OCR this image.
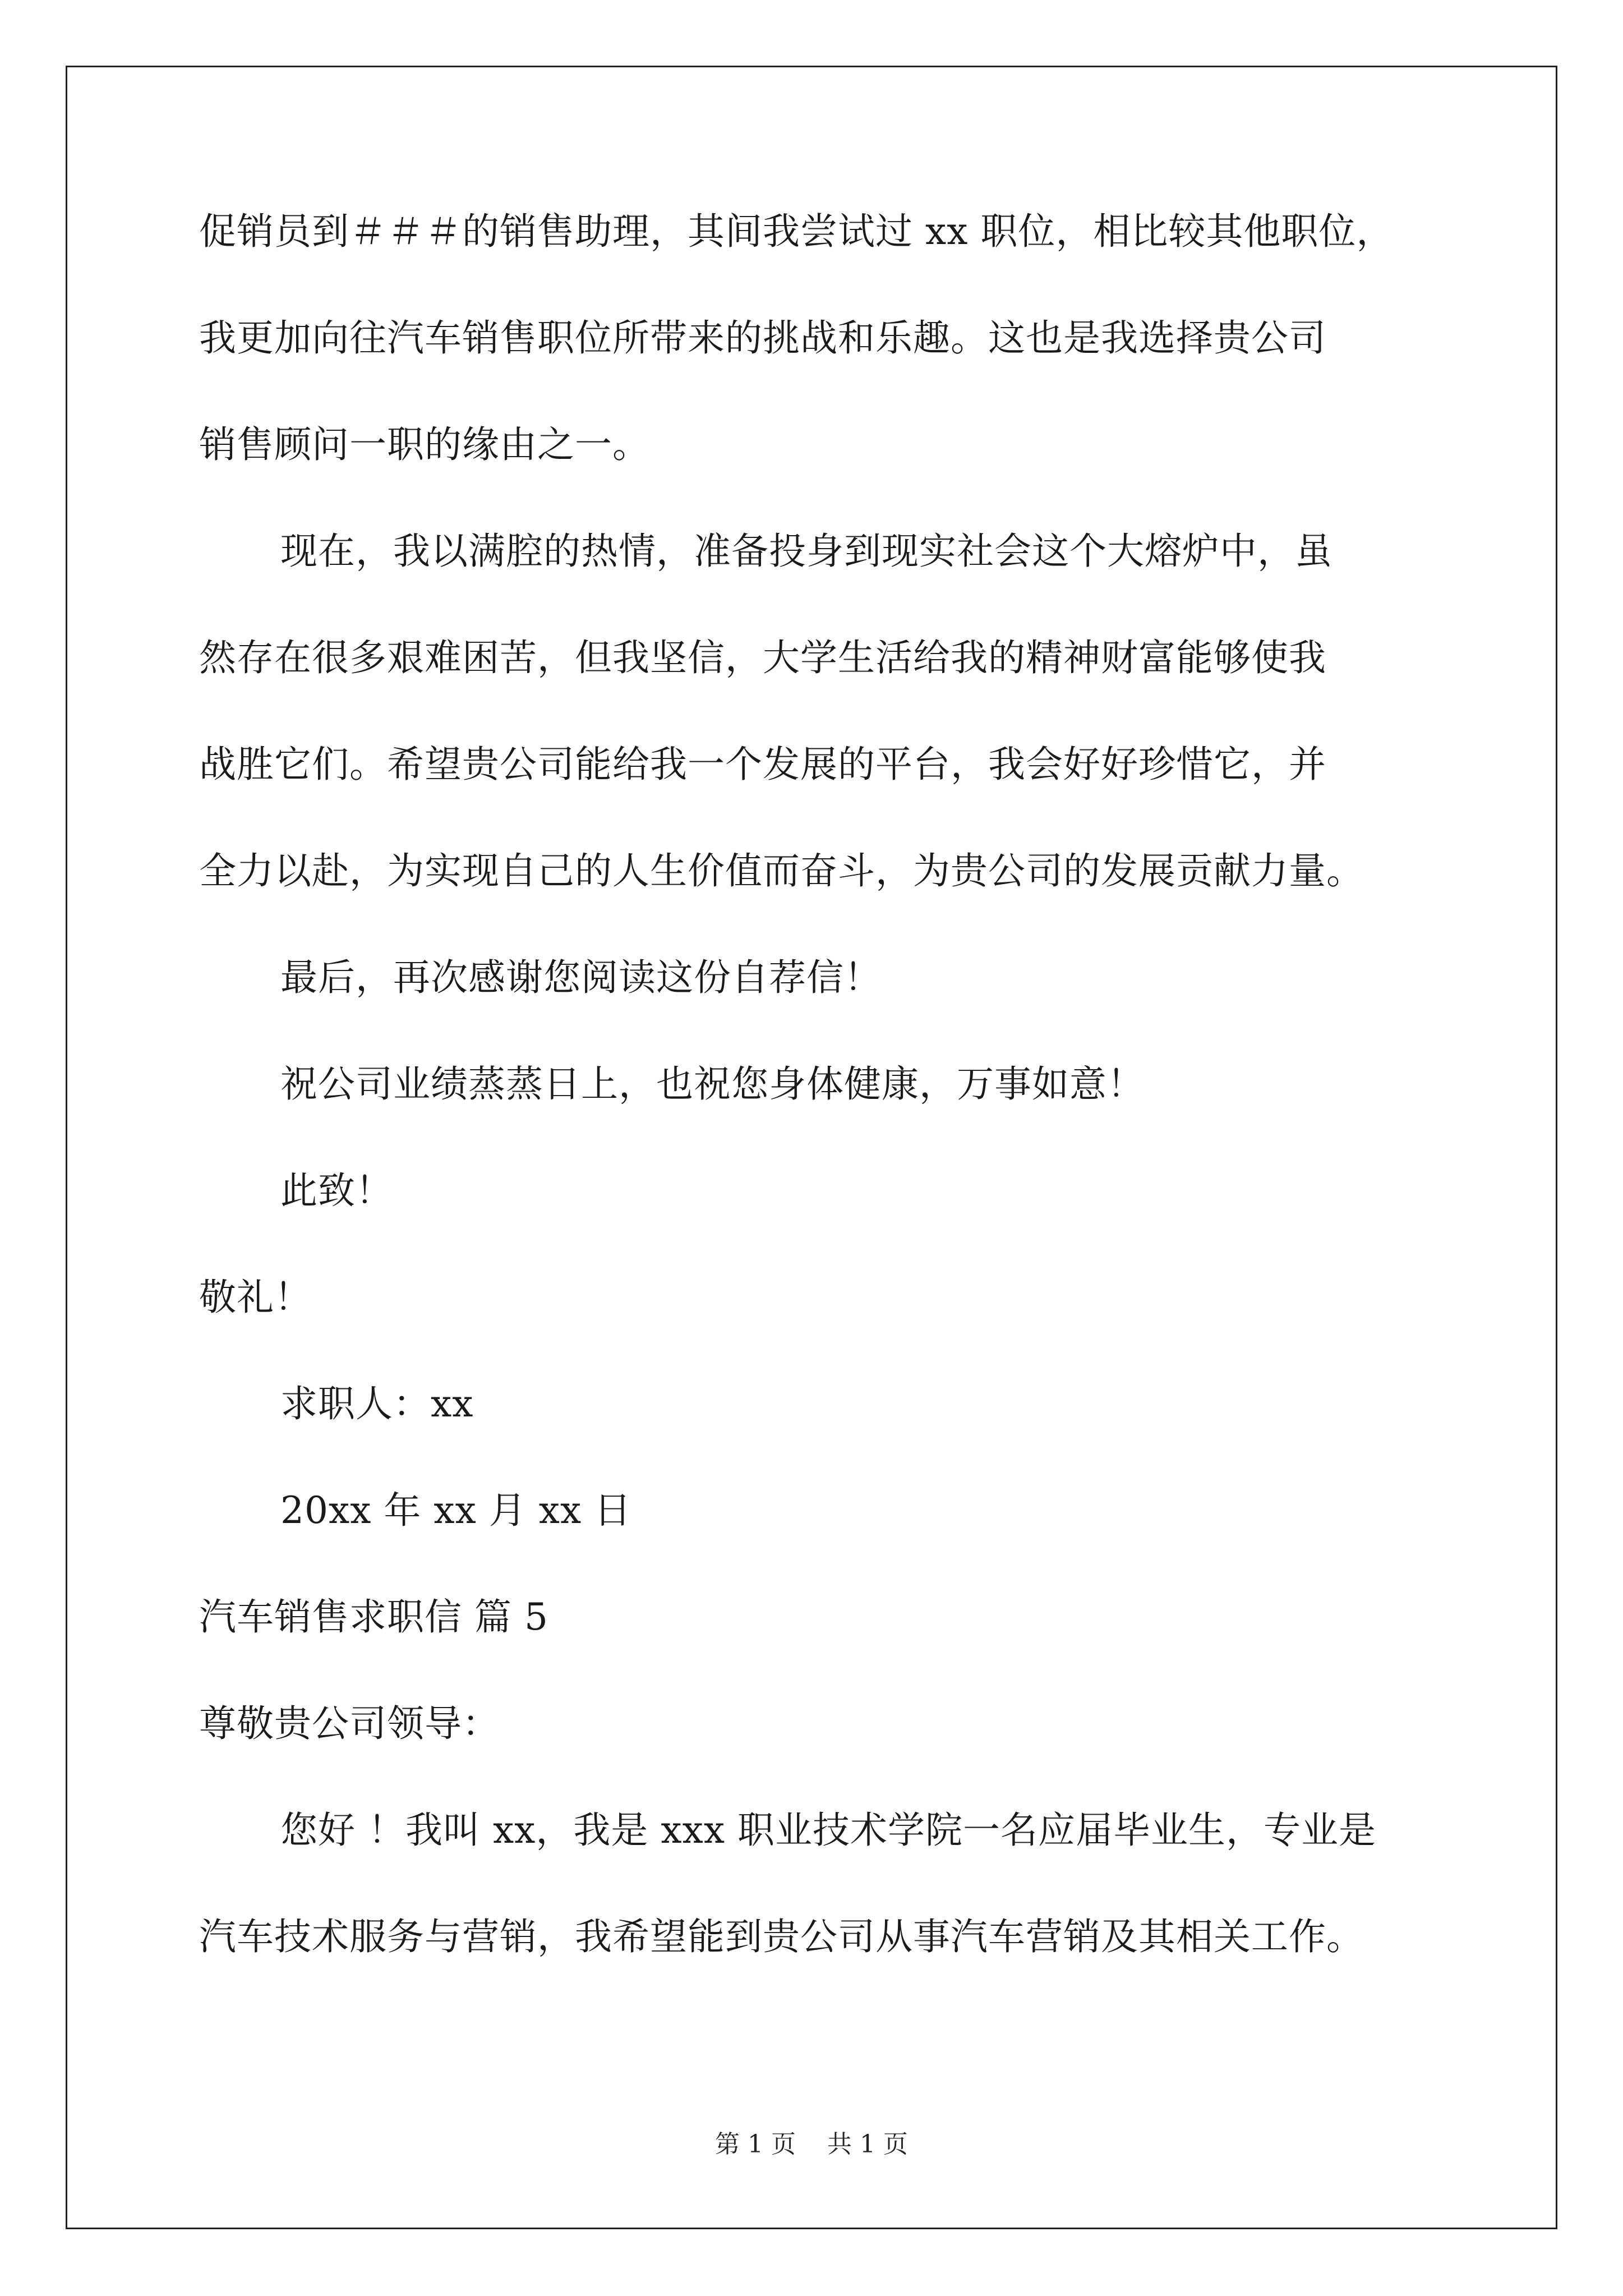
促销员到＃＃＃的销售助理，其间我尝试过 xx 职位，相比较其他职位，
我更加向往汽车销售职位所带来的挑战和乐趣。这也是我选择贵公司
销售顾问一职的缘由之一。
现在，我以满腔的热情，准备投身到现实社会这个大熔炉中，虽
然存在很多艰难困苦，但我坚信，大学生活给我的精神财富能够使我
战胜它们。希望贵公司能给我一个发展的平台，我会好好珍惜它，并
全力以赴，为实现自己的人生价值而奋斗，为贵公司的发展贡献力量。
最后，再次感谢您阅读这份自荐信！
祝公司业绩蒸蒸日上，也祝您身体健康，万事如意！
此致！
敬礼！
求职人：xx
20xx 年 xx 月 xx 日
汽车销售求职信 篇 5
尊敬贵公司领导：
您好 ！我叫 xx，我是 xxx 职业技术学院一名应届毕业生，专业是
汽车技术服务与营销，我希望能到贵公司从事汽车营销及其相关工作。
第 1 页    共 1 页
